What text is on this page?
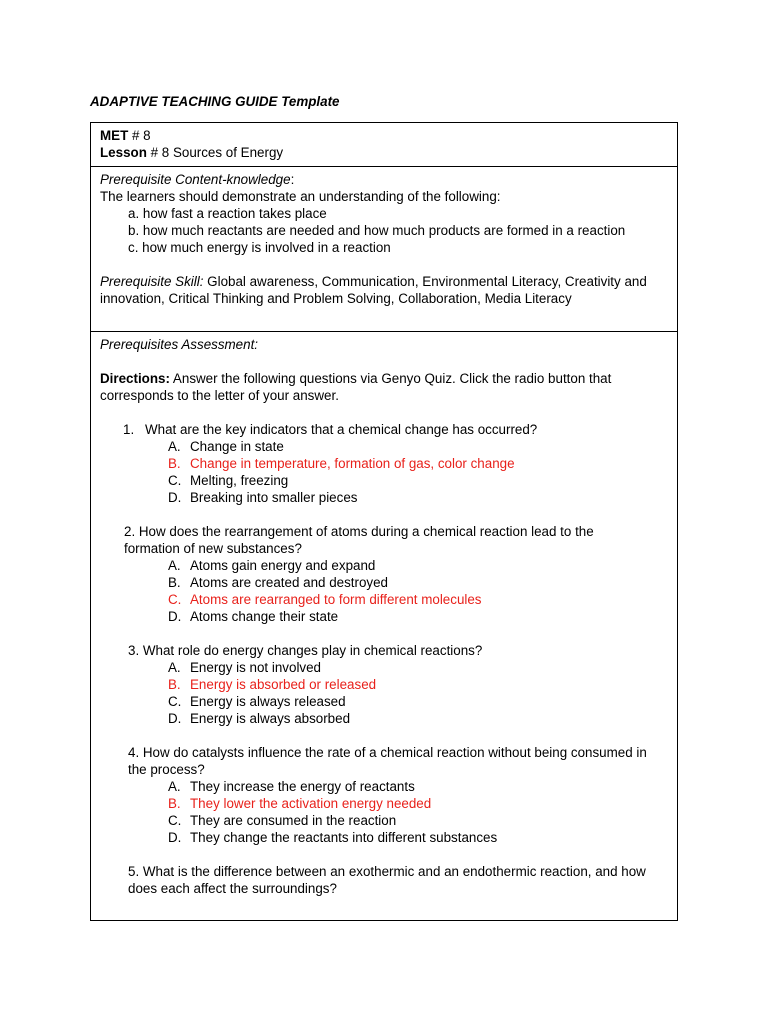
ADAPTIVE TEACHING GUIDE Template
MET # 8
Lesson # 8 Sources of Energy
Prerequisite Content-knowledge:
The learners should demonstrate an understanding of the following:
a. how fast a reaction takes place
b. how much reactants are needed and how much products are formed in a reaction
c. how much energy is involved in a reaction
Prerequisite Skill: Global awareness, Communication, Environmental Literacy, Creativity and innovation, Critical Thinking and Problem Solving, Collaboration, Media Literacy
Prerequisites Assessment:
Directions: Answer the following questions via Genyo Quiz. Click the radio button that corresponds to the letter of your answer.
1. What are the key indicators that a chemical change has occurred?
A. Change in state
B. Change in temperature, formation of gas, color change
C. Melting, freezing
D. Breaking into smaller pieces
2. How does the rearrangement of atoms during a chemical reaction lead to the
formation of new substances?
A. Atoms gain energy and expand
B. Atoms are created and destroyed
C. Atoms are rearranged to form different molecules
D. Atoms change their state
3. What role do energy changes play in chemical reactions?
A. Energy is not involved
B. Energy is absorbed or released
C. Energy is always released
D. Energy is always absorbed
4. How do catalysts influence the rate of a chemical reaction without being consumed in
the process?
A. They increase the energy of reactants
B. They lower the activation energy needed
C. They are consumed in the reaction
D. They change the reactants into different substances
5. What is the difference between an exothermic and an endothermic reaction, and how
does each affect the surroundings?
